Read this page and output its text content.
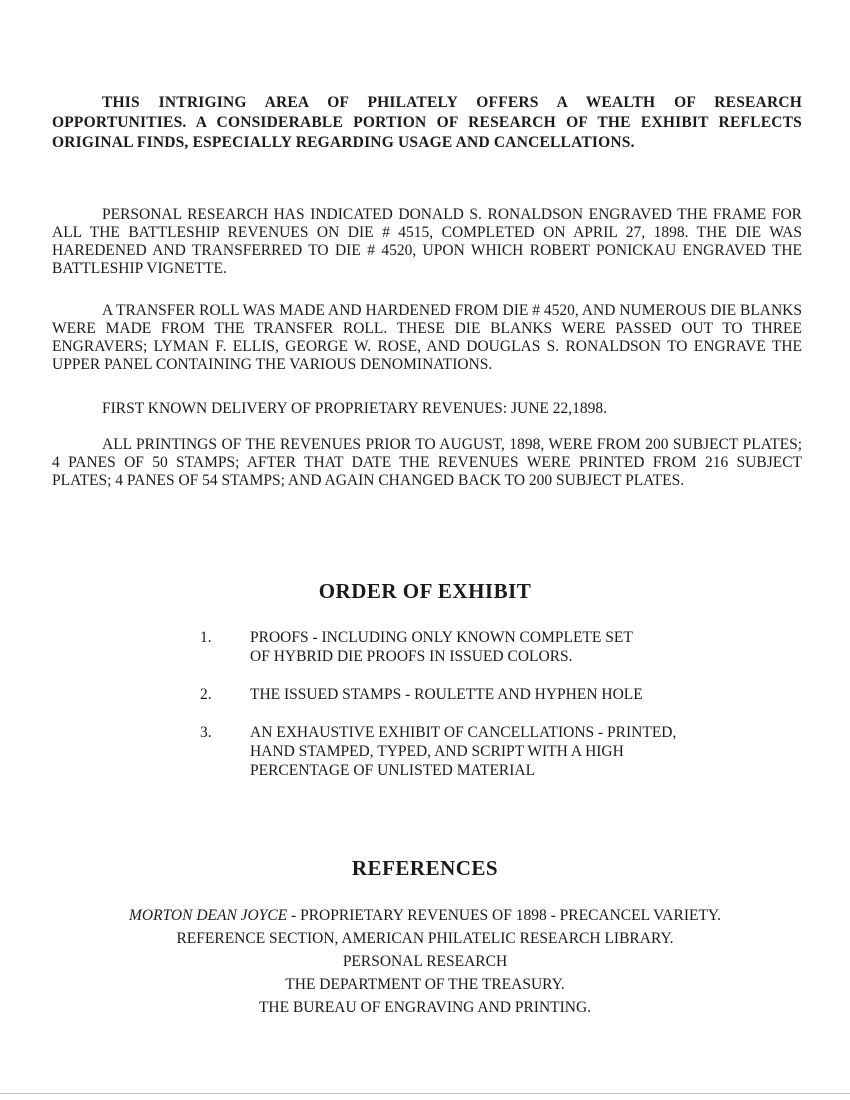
THIS INTRIGING AREA OF PHILATELY OFFERS A WEALTH OF RESEARCH OPPORTUNITIES. A CONSIDERABLE PORTION OF RESEARCH OF THE EXHIBIT REFLECTS ORIGINAL FINDS, ESPECIALLY REGARDING USAGE AND CANCELLATIONS.
PERSONAL RESEARCH HAS INDICATED DONALD S. RONALDSON ENGRAVED THE FRAME FOR ALL THE BATTLESHIP REVENUES ON DIE # 4515, COMPLETED ON APRIL 27, 1898. THE DIE WAS HAREDENED AND TRANSFERRED TO DIE # 4520, UPON WHICH ROBERT PONICKAU ENGRAVED THE BATTLESHIP VIGNETTE.
A TRANSFER ROLL WAS MADE AND HARDENED FROM DIE # 4520, AND NUMEROUS DIE BLANKS WERE MADE FROM THE TRANSFER ROLL. THESE DIE BLANKS WERE PASSED OUT TO THREE ENGRAVERS; LYMAN F. ELLIS, GEORGE W. ROSE, AND DOUGLAS S. RONALDSON TO ENGRAVE THE UPPER PANEL CONTAINING THE VARIOUS DENOMINATIONS.
FIRST KNOWN DELIVERY OF PROPRIETARY REVENUES: JUNE 22,1898.
ALL PRINTINGS OF THE REVENUES PRIOR TO AUGUST, 1898, WERE FROM 200 SUBJECT PLATES; 4 PANES OF 50 STAMPS; AFTER THAT DATE THE REVENUES WERE PRINTED FROM 216 SUBJECT PLATES; 4 PANES OF 54 STAMPS; AND AGAIN CHANGED BACK TO 200 SUBJECT PLATES.
ORDER OF EXHIBIT
1.	PROOFS - INCLUDING ONLY KNOWN COMPLETE SET
OF HYBRID DIE PROOFS IN ISSUED COLORS.
2.	THE ISSUED STAMPS - ROULETTE AND HYPHEN HOLE
3.	AN EXHAUSTIVE EXHIBIT OF CANCELLATIONS - PRINTED,
HAND STAMPED, TYPED, AND SCRIPT WITH A HIGH
PERCENTAGE OF UNLISTED MATERIAL
REFERENCES
MORTON DEAN JOYCE - PROPRIETARY REVENUES OF 1898 - PRECANCEL VARIETY.
REFERENCE SECTION, AMERICAN PHILATELIC RESEARCH LIBRARY.
PERSONAL RESEARCH
THE DEPARTMENT OF THE TREASURY.
THE BUREAU OF ENGRAVING AND PRINTING.
